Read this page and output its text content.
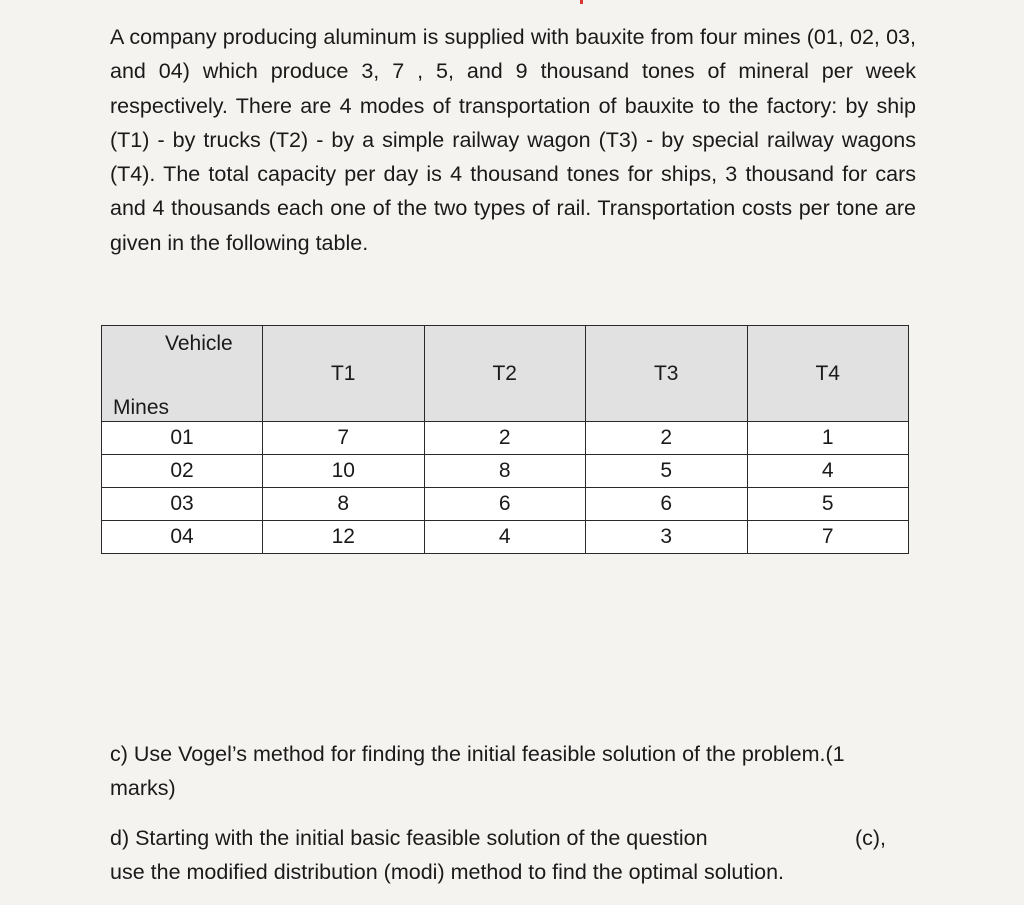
A company producing aluminum is supplied with bauxite from four mines (01, 02, 03, and 04) which produce 3, 7 , 5, and 9 thousand tones of mineral per week respectively. There are 4 modes of transportation of bauxite to the factory: by ship (T1) - by trucks (T2) - by a simple railway wagon (T3) - by special railway wagons (T4). The total capacity per day is 4 thousand tones for ships, 3 thousand for cars and 4 thousands each one of the two types of rail. Transportation costs per tone are given in the following table.

Vehicle
Mines	T1	T2	T3	T4
01	7	2	2	1
02	10	8	5	4
03	8	6	6	5
04	12	4	3	7

c) Use Vogel’s method for finding the initial feasible solution of the problem.(1 marks)

d) Starting with the initial basic feasible solution of the question	(c),
use the modified distribution (modi) method to find the optimal solution.
